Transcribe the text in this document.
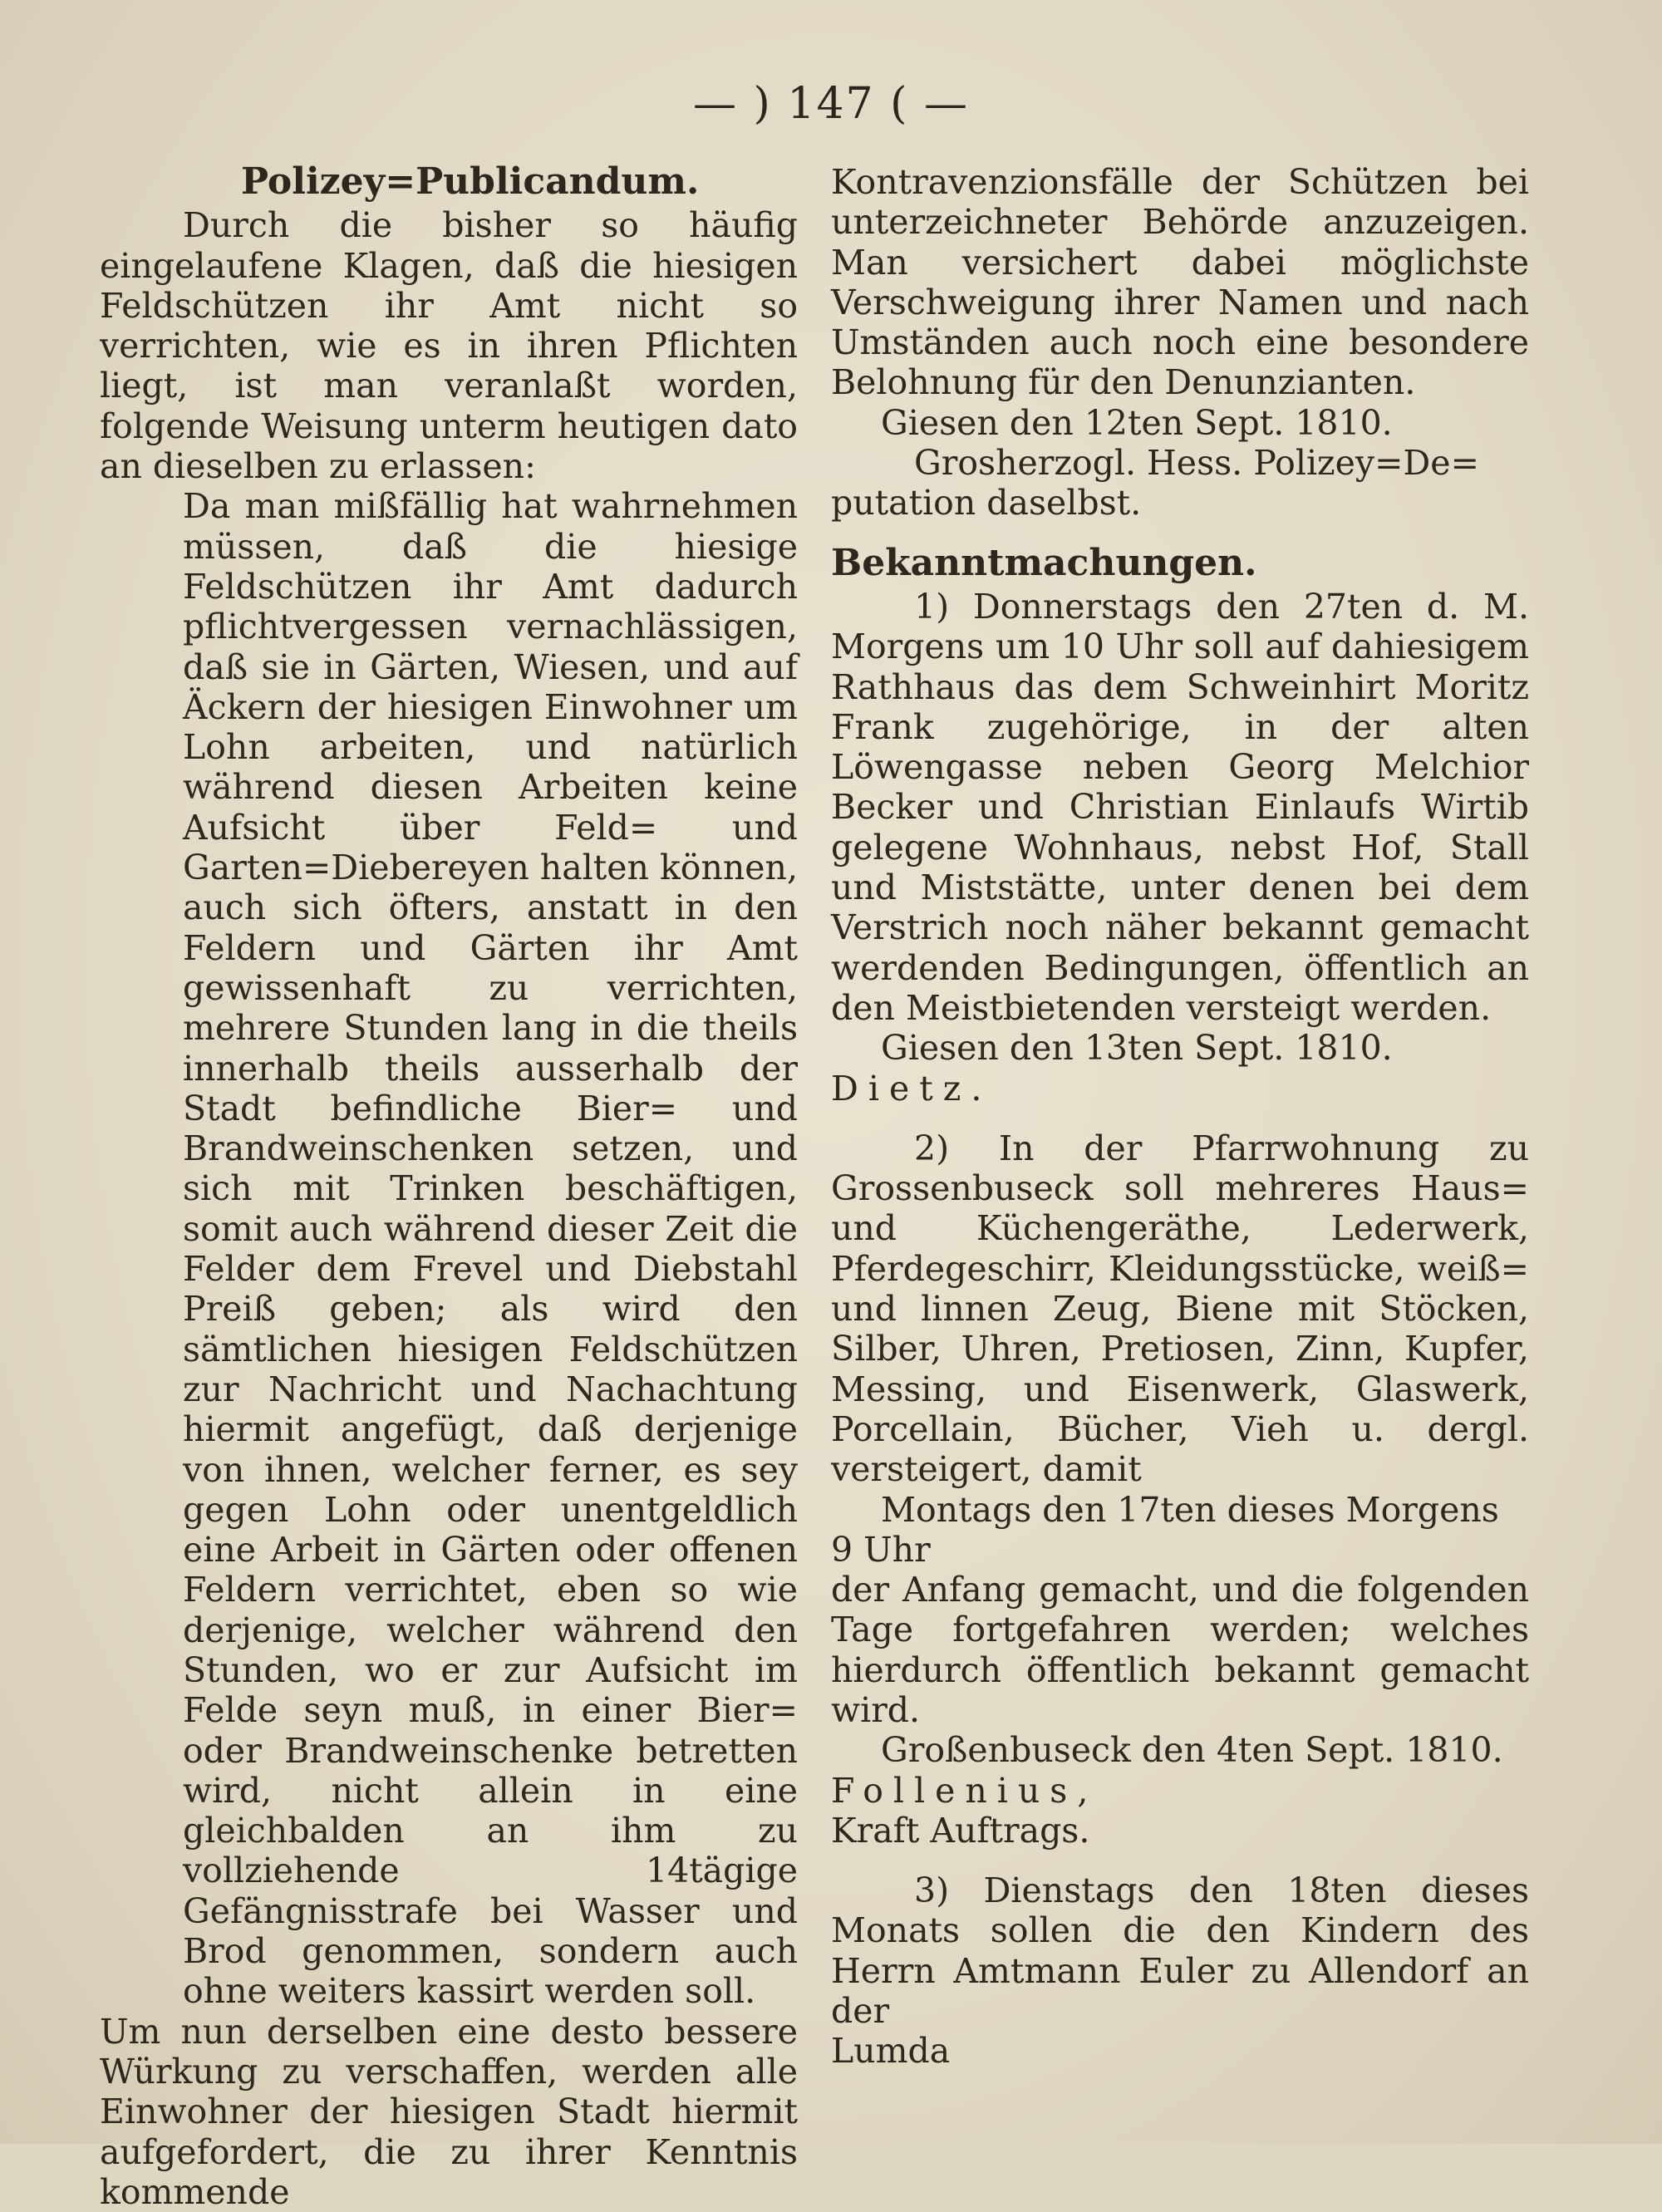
— ) 147 ( —

Polizey=Publicandum.

Durch die bisher so häufig eingelaufene Klagen, daß die hiesigen Feldschützen ihr Amt nicht so verrichten, wie es in ihren Pflichten liegt, ist man veranlaßt worden, folgende Weisung unterm heutigen dato an dieselben zu erlassen:

Da man mißfällig hat wahrnehmen müssen, daß die hiesige Feldschützen ihr Amt dadurch pflichtvergessen vernachlässigen, daß sie in Gärten, Wiesen, und auf Äckern der hiesigen Einwohner um Lohn arbeiten, und natürlich während diesen Arbeiten keine Aufsicht über Feld= und Garten=Diebereyen halten können, auch sich öfters, anstatt in den Feldern und Gärten ihr Amt gewissenhaft zu verrichten, mehrere Stunden lang in die theils innerhalb theils ausserhalb der Stadt befindliche Bier= und Brandweinschenken setzen, und sich mit Trinken beschäftigen, somit auch während dieser Zeit die Felder dem Frevel und Diebstahl Preiß geben; als wird den sämtlichen hiesigen Feldschützen zur Nachricht und Nachachtung hiermit angefügt, daß derjenige von ihnen, welcher ferner, es sey gegen Lohn oder unentgeldlich eine Arbeit in Gärten oder offenen Feldern verrichtet, eben so wie derjenige, welcher während den Stunden, wo er zur Aufsicht im Felde seyn muß, in einer Bier= oder Brandweinschenke betretten wird, nicht allein in eine gleichbalden an ihm zu vollziehende 14tägige Gefängnisstrafe bei Wasser und Brod genommen, sondern auch ohne weiters kassirt werden soll.

Um nun derselben eine desto bessere Würkung zu verschaffen, werden alle Einwohner der hiesigen Stadt hiermit aufgefordert, die zu ihrer Kenntnis kommende

Kontravenzionsfälle der Schützen bei unterzeichneter Behörde anzuzeigen. Man versichert dabei möglichste Verschweigung ihrer Namen und nach Umständen auch noch eine besondere Belohnung für den Denunzianten.

Giesen den 12ten Sept. 1810.

Grosherzogl. Hess. Polizey=De=

putation daselbst.

Bekanntmachungen.

1) Donnerstags den 27ten d. M. Morgens um 10 Uhr soll auf dahiesigem Rathhaus das dem Schweinhirt Moritz Frank zugehörige, in der alten Löwengasse neben Georg Melchior Becker und Christian Einlaufs Wirtib gelegene Wohnhaus, nebst Hof, Stall und Miststätte, unter denen bei dem Verstrich noch näher bekannt gemacht werdenden Bedingungen, öffentlich an den Meistbietenden versteigt werden.

Giesen den 13ten Sept. 1810.

Dietz.

2) In der Pfarrwohnung zu Grossenbuseck soll mehreres Haus= und Küchengeräthe, Lederwerk, Pferdegeschirr, Kleidungsstücke, weiß= und linnen Zeug, Biene mit Stöcken, Silber, Uhren, Pretiosen, Zinn, Kupfer, Messing, und Eisenwerk, Glaswerk, Porcellain, Bücher, Vieh u. dergl. versteigert, damit

Montags den 17ten dieses Morgens

9 Uhr

der Anfang gemacht, und die folgenden Tage fortgefahren werden; welches hierdurch öffentlich bekannt gemacht wird.

Großenbuseck den 4ten Sept. 1810.

Follenius,

Kraft Auftrags.

3) Dienstags den 18ten dieses Monats sollen die den Kindern des Herrn Amtmann Euler zu Allendorf an der

Lumda
